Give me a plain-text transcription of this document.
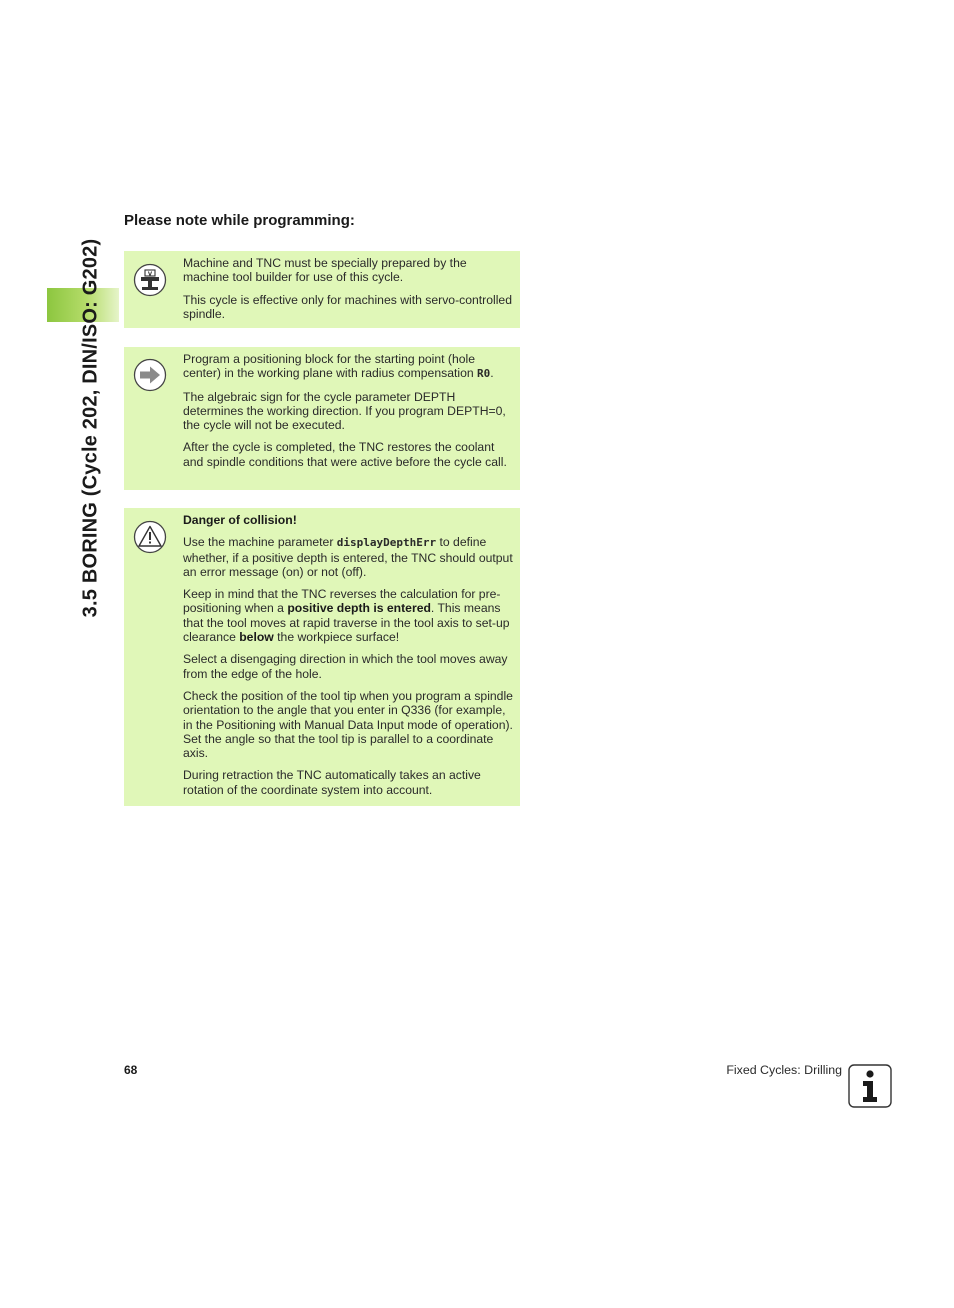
3.5 BORING (Cycle 202, DIN/ISO: G202)
Please note while programming:
V

Machine and TNC must be specially prepared by the machine tool builder for use of this cycle.

This cycle is effective only for machines with servo-controlled spindle.

Program a positioning block for the starting point (hole center) in the working plane with radius compensation R0.

The algebraic sign for the cycle parameter DEPTH determines the working direction. If you program DEPTH=0, the cycle will not be executed.

After the cycle is completed, the TNC restores the coolant and spindle conditions that were active before the cycle call.

Danger of collision!

Use the machine parameter displayDepthErr to define whether, if a positive depth is entered, the TNC should output an error message (on) or not (off).

Keep in mind that the TNC reverses the calculation for pre-positioning when a positive depth is entered. This means that the tool moves at rapid traverse in the tool axis to set-up clearance below the workpiece surface!

Select a disengaging direction in which the tool moves away from the edge of the hole.

Check the position of the tool tip when you program a spindle orientation to the angle that you enter in Q336 (for example, in the Positioning with Manual Data Input mode of operation). Set the angle so that the tool tip is parallel to a coordinate axis.

During retraction the TNC automatically takes an active rotation of the coordinate system into account.

68	Fixed Cycles: Drilling
